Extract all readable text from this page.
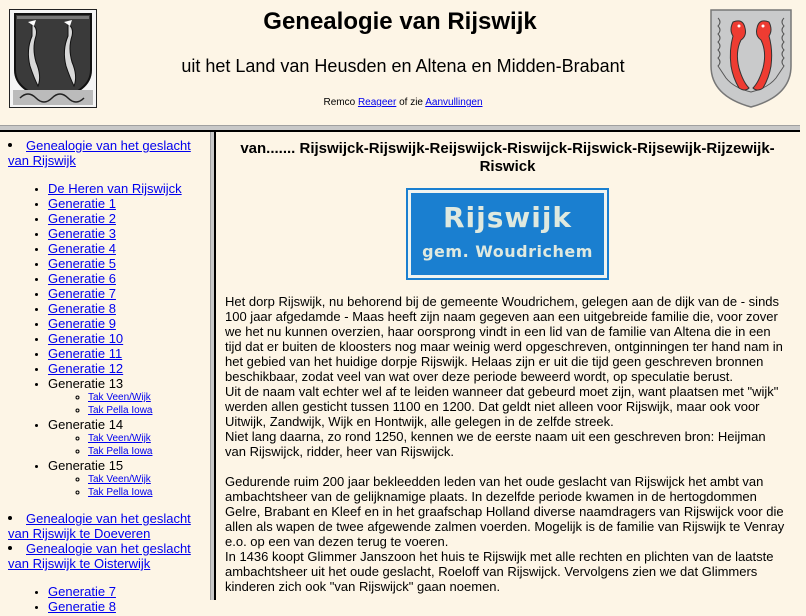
Genealogie van Rijswijk
uit het Land van Heusden en Altena en Midden-Brabant
Remco Reageer of zie Aanvullingen
Genealogie van het geslacht van Rijswijk
• De Heren van Rijswijck
• Generatie 1
• Generatie 2
• Generatie 3
• Generatie 4
• Generatie 5
• Generatie 6
• Generatie 7
• Generatie 8
• Generatie 9
• Generatie 10
• Generatie 11
• Generatie 12
• Generatie 13
◦ Tak Veen/Wijk
◦ Tak Pella Iowa
• Generatie 14
◦ Tak Veen/Wijk
◦ Tak Pella Iowa
• Generatie 15
◦ Tak Veen/Wijk
◦ Tak Pella Iowa
Genealogie van het geslacht van Rijswijk te Doeveren
Genealogie van het geslacht van Rijswijk te Oisterwijk
• Generatie 7
• Generatie 8
van....... Rijswijck-Rijswijk-Reijswijck-Riswijck-Rijswick-Rijsewijk-Rijzewijk-Riswick
Rijswijk
gem. Woudrichem

Het dorp Rijswijk, nu behorend bij de gemeente Woudrichem, gelegen aan de dijk van de - sinds 100 jaar afgedamde - Maas heeft zijn naam gegeven aan een uitgebreide familie die, voor zover we het nu kunnen overzien, haar oorsprong vindt in een lid van de familie van Altena die in een tijd dat er buiten de kloosters nog maar weinig werd opgeschreven, ontginningen ter hand nam in het gebied van het huidige dorpje Rijswijk. Helaas zijn er uit die tijd geen geschreven bronnen beschikbaar, zodat veel van wat over deze periode beweerd wordt, op speculatie berust.

Uit de naam valt echter wel af te leiden wanneer dat gebeurd moet zijn, want plaatsen met "wijk" werden allen gesticht tussen 1100 en 1200. Dat geldt niet alleen voor Rijswijk, maar ook voor Uitwijk, Zandwijk, Wijk en Hontwijk, alle gelegen in de zelfde streek.

Niet lang daarna, zo rond 1250, kennen we de eerste naam uit een geschreven bron: Heijman van Rijswijck, ridder, heer van Rijswijck.

Gedurende ruim 200 jaar bekleedden leden van het oude geslacht van Rijswijck het ambt van ambachtsheer van de gelijknamige plaats. In dezelfde periode kwamen in de hertogdommen Gelre, Brabant en Kleef en in het graafschap Holland diverse naamdragers van Rijswijck voor die allen als wapen de twee afgewende zalmen voerden. Mogelijk is de familie van Rijswijk te Venray e.o. op een van dezen terug te voeren.

In 1436 koopt Glimmer Janszoon het huis te Rijswijk met alle rechten en plichten van de laatste ambachtsheer uit het oude geslacht, Roeloff van Rijswijck. Vervolgens zien we dat Glimmers kinderen zich ook "van Rijswijck" gaan noemen.
